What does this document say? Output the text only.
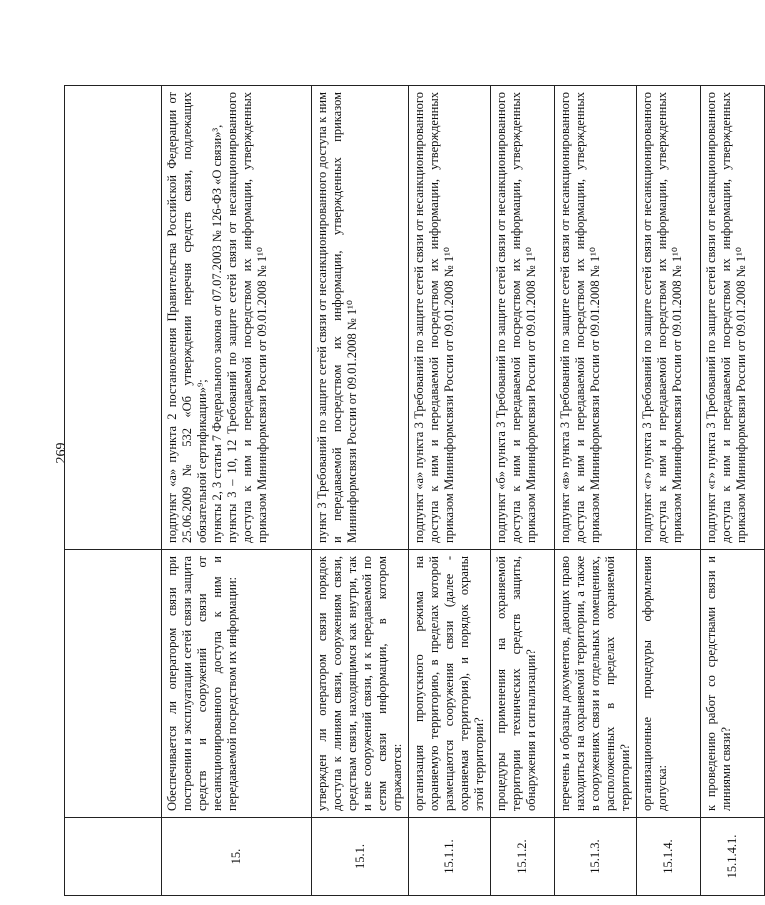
269

15.	Обеспечивается ли оператором связи при построении и эксплуатации сетей связи защита средств и сооружений связи от несанкционированного доступа к ним и передаваемой посредством их информации:	подпункт «а» пункта 2 постановления Правительства Российской Федерации от 25.06.2009 № 532 «Об утверждении перечня средств связи, подлежащих обязательной сертификации»⁹;
пункты 2, 3 статьи 7 Федерального закона от 07.07.2003 № 126-ФЗ «О связи»³,
пункты 3 – 10, 12 Требований по защите сетей связи от несанкционированного доступа к ним и передаваемой посредством их информации, утвержденных приказом Мининформсвязи России от 09.01.2008 № 1¹⁰
15.1.	утвержден ли оператором связи порядок доступа к линиям связи, сооружениям связи, средствам связи, находящимся как внутри, так и вне сооружений связи, и к передаваемой по сетям связи информации, в котором отражаются:	пункт 3 Требований по защите сетей связи от несанкционированного доступа к ним и передаваемой посредством их информации, утвержденных приказом Мининформсвязи России от 09.01.2008 № 1¹⁰
15.1.1.	организация пропускного режима на охраняемую территорию, в пределах которой размещаются сооружения связи (далее - охраняемая территория), и порядок охраны этой территории?	подпункт «а» пункта 3 Требований по защите сетей связи от несанкционированного доступа к ним и передаваемой посредством их информации, утвержденных приказом Мининформсвязи России от 09.01.2008 № 1¹⁰
15.1.2.	процедуры применения на охраняемой территории технических средств защиты, обнаружения и сигнализации?	подпункт «б» пункта 3 Требований по защите сетей связи от несанкционированного доступа к ним и передаваемой посредством их информации, утвержденных приказом Мининформсвязи России от 09.01.2008 № 1¹⁰
15.1.3.	перечень и образцы документов, дающих право находиться на охраняемой территории, а также в сооружениях связи и отдельных помещениях, расположенных в пределах охраняемой территории?	подпункт «в» пункта 3 Требований по защите сетей связи от несанкционированного доступа к ним и передаваемой посредством их информации, утвержденных приказом Мининформсвязи России от 09.01.2008 № 1¹⁰
15.1.4.	организационные процедуры оформления допуска:	подпункт «г» пункта 3 Требований по защите сетей связи от несанкционированного доступа к ним и передаваемой посредством их информации, утвержденных приказом Мининформсвязи России от 09.01.2008 № 1¹⁰
15.1.4.1.	к проведению работ со средствами связи и линиями связи?	подпункт «г» пункта 3 Требований по защите сетей связи от несанкционированного доступа к ним и передаваемой посредством их информации, утвержденных приказом Мининформсвязи России от 09.01.2008 № 1¹⁰
